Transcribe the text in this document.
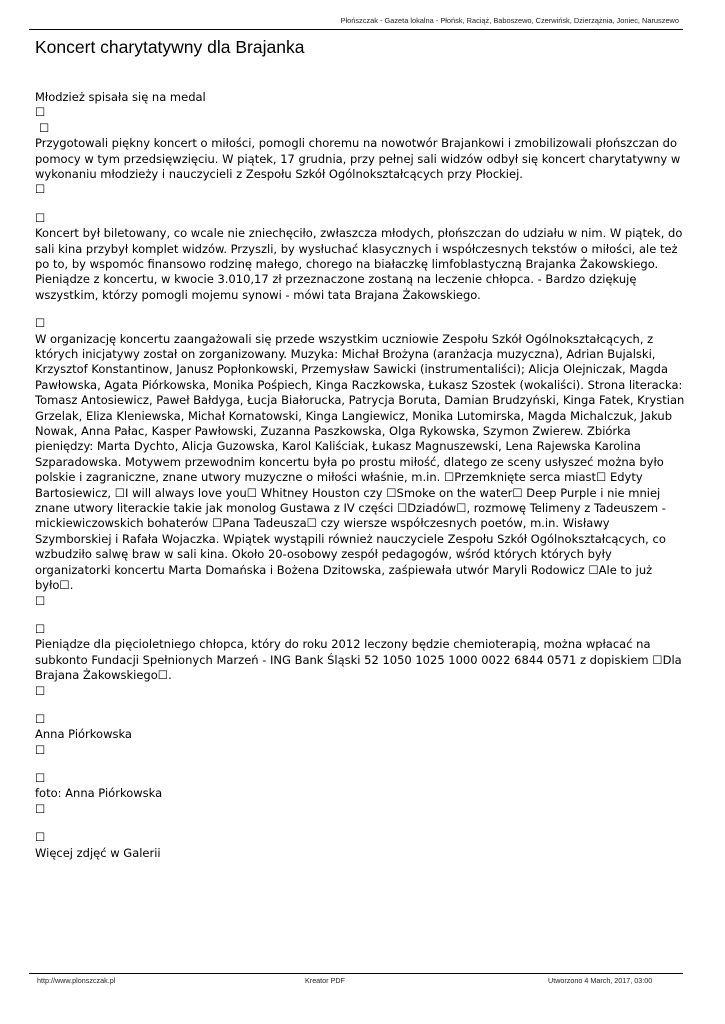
Płońszczak - Gazeta lokalna - Płońsk, Raciąż, Baboszewo, Czerwińsk, Dzierzążnia, Joniec, Naruszewo
Koncert charytatywny dla Brajanka

Młodzież spisała się na medal

☐
☐

Przygotowali piękny koncert o miłości, pomogli choremu na nowotwór Brajankowi i zmobilizowali płońszczan do pomocy w tym przedsięwzięciu. W piątek, 17 grudnia, przy pełnej sali widzów odbył się koncert charytatywny w wykonaniu młodzieży i nauczycieli z Zespołu Szkół Ogólnokształcących przy Płockiej.

☐
☐

Koncert był biletowany, co wcale nie zniechęciło, zwłaszcza młodych, płońszczan do udziału w nim. W piątek, do sali kina przybył komplet widzów. Przyszli, by wysłuchać klasycznych i współczesnych tekstów o miłości, ale też po to, by wspomóc finansowo rodzinę małego, chorego na białaczkę limfoblastyczną Brajanka Żakowskiego. Pieniądze z koncertu, w kwocie 3.010,17 zł przeznaczone zostaną na leczenie chłopca. - Bardzo dziękuję wszystkim, którzy pomogli mojemu synowi - mówi tata Brajana Żakowskiego.

☐

W organizację koncertu zaangażowali się przede wszystkim uczniowie Zespołu Szkół Ogólnokształcących, z których inicjatywy został on zorganizowany. Muzyka: Michał Brożyna (aranżacja muzyczna), Adrian Bujalski, Krzysztof Konstantinow, Janusz Popłonkowski, Przemysław Sawicki (instrumentaliści); Alicja Olejniczak, Magda Pawłowska, Agata Piórkowska, Monika Pośpiech, Kinga Raczkowska, Łukasz Szostek (wokaliści). Strona literacka: Tomasz Antosiewicz, Paweł Bałdyga, Łucja Białorucka, Patrycja Boruta, Damian Brudzyński, Kinga Fatek, Krystian Grzelak, Eliza Kleniewska, Michał Kornatowski, Kinga Langiewicz, Monika Lutomirska, Magda Michalczuk, Jakub Nowak, Anna Pałac, Kasper Pawłowski, Zuzanna Paszkowska, Olga Rykowska, Szymon Zwierew. Zbiórka pieniędzy: Marta Dychto, Alicja Guzowska, Karol Kaliściak, Łukasz Magnuszewski, Lena Rajewska Karolina Szparadowska. Motywem przewodnim koncertu była po prostu miłość, dlatego ze sceny usłyszeć można było polskie i zagraniczne, znane utwory muzyczne o miłości właśnie, m.in. ☐Przemknięte serca miast☐ Edyty Bartosiewicz, ☐I will always love you☐ Whitney Houston czy ☐Smoke on the water☐ Deep Purple i nie mniej znane utwory literackie takie jak monolog Gustawa z IV części ☐Dziadów☐, rozmowę Telimeny z Tadeuszem - mickiewiczowskich bohaterów ☐Pana Tadeusza☐ czy wiersze współczesnych poetów, m.in. Wisławy Szymborskiej i Rafała Wojaczka. Wpiątek wystąpili również nauczyciele Zespołu Szkół Ogólnokształcących, co wzbudziło salwę braw w sali kina. Około 20-osobowy zespół pedagogów, wśród których których były organizatorki koncertu Marta Domańska i Bożena Dzitowska, zaśpiewała utwór Maryli Rodowicz ☐Ale to już było☐.

☐
☐

Pieniądze dla pięcioletniego chłopca, który do roku 2012 leczony będzie chemioterapią, można wpłacać na subkonto Fundacji Spełnionych Marzeń - ING Bank Śląski 52 1050 1025 1000 0022 6844 0571 z dopiskiem ☐Dla Brajana Żakowskiego☐.

☐
☐

Anna Piórkowska

☐
☐

foto: Anna Piórkowska

☐
☐

Więcej zdjęć w Galerii

http://www.plonszczak.pl	Kreator PDF	Utworzono 4 March, 2017, 03:00
